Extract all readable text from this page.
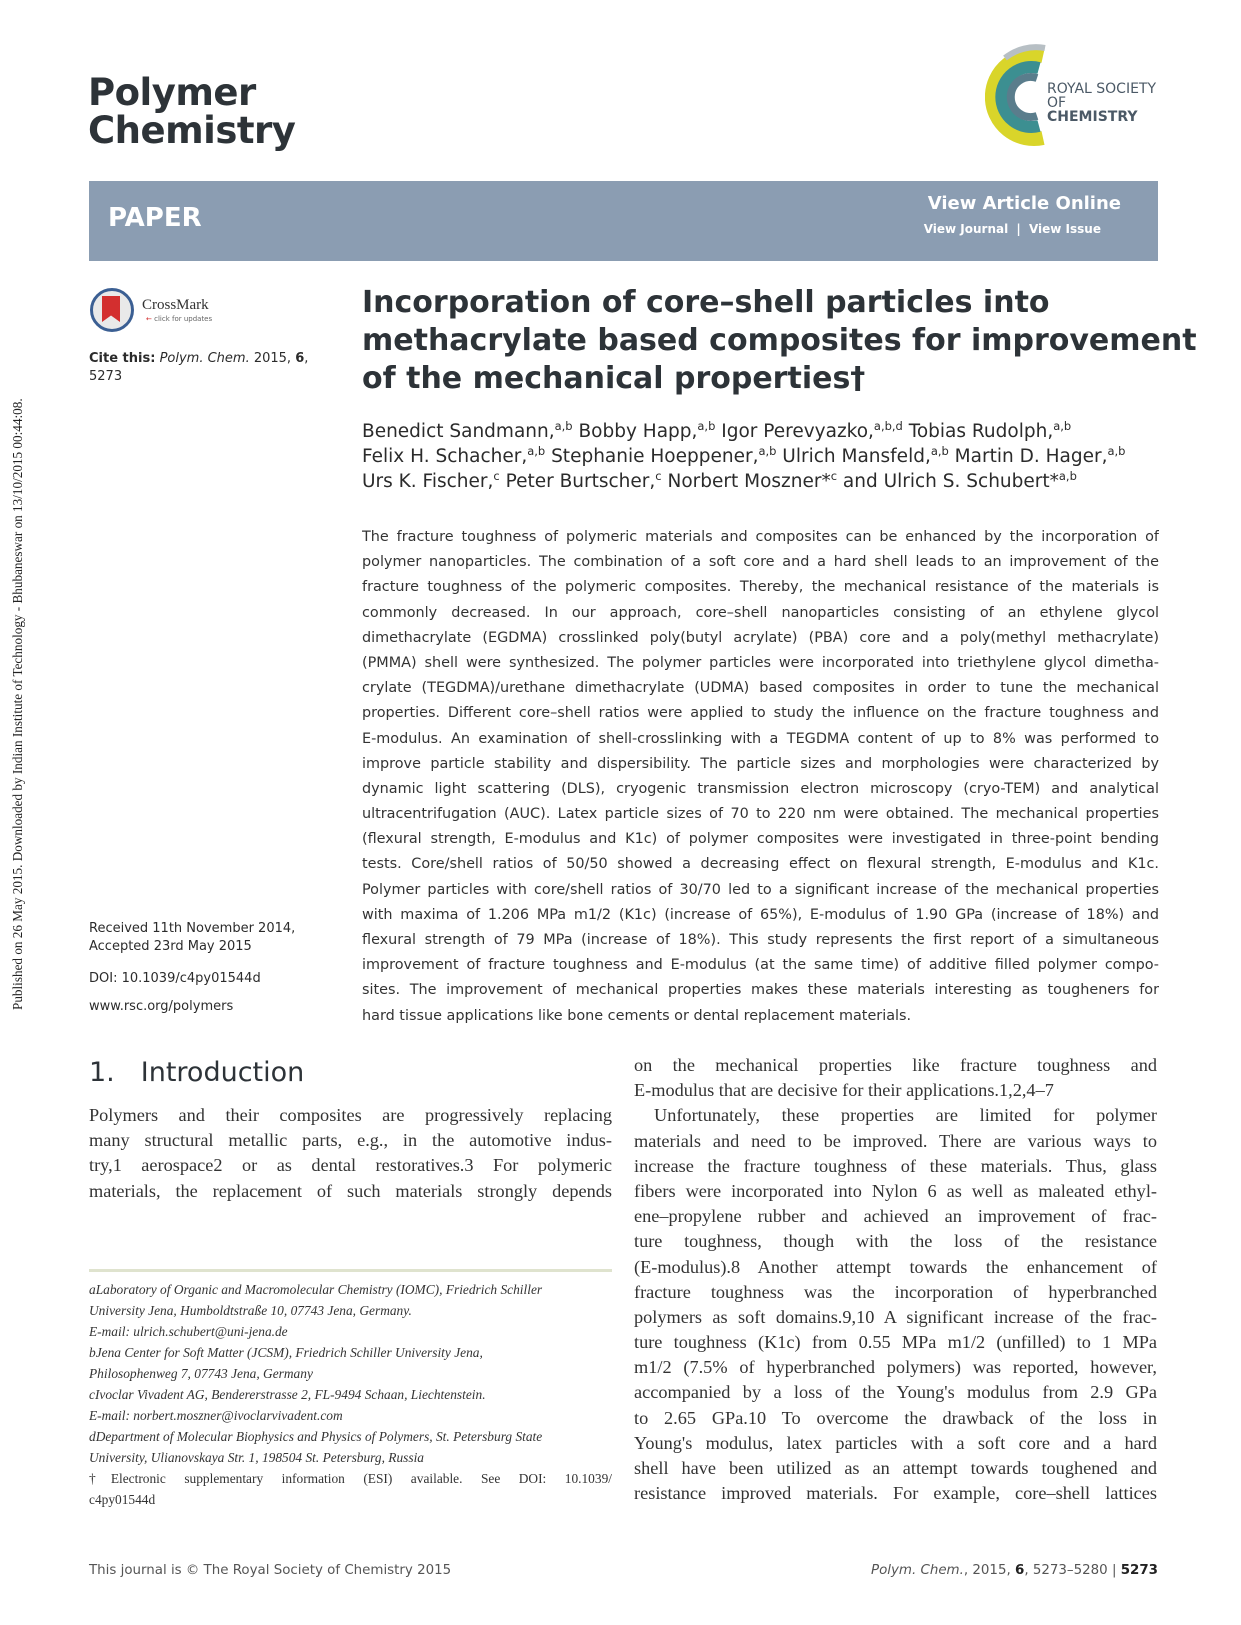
Published on 26 May 2015. Downloaded by Indian Institute of Technology - Bhubaneswar on 13/10/2015 00:44:08.
Polymer
Chemistry
ROYAL SOCIETY
OF CHEMISTRY
PAPER	View Article Online
View Journal | View Issue
CrossMark
← click for updates
Cite this: Polym. Chem. 2015, 6,
5273
Received 11th November 2014,
Accepted 23rd May 2015
DOI: 10.1039/c4py01544d
www.rsc.org/polymers
Incorporation of core–shell particles into
methacrylate based composites for improvement
of the mechanical properties†
Benedict Sandmann,$^{a,b}$ Bobby Happ,$^{a,b}$ Igor Perevyazko,$^{a,b,d}$ Tobias Rudolph,$^{a,b}$
Felix H. Schacher,$^{a,b}$ Stephanie Hoeppener,$^{a,b}$ Ulrich Mansfeld,$^{a,b}$ Martin D. Hager,$^{a,b}$
Urs K. Fischer,$^c$ Peter Burtscher,$^c$ Norbert Moszner*$^c$ and Ulrich S. Schubert*$^{a,b}$
The fracture toughness of polymeric materials and composites can be enhanced by the incorporation of
polymer nanoparticles. The combination of a soft core and a hard shell leads to an improvement of the
fracture toughness of the polymeric composites. Thereby, the mechanical resistance of the materials is
commonly decreased. In our approach, core–shell nanoparticles consisting of an ethylene glycol
dimethacrylate (EGDMA) crosslinked poly(butyl acrylate) (PBA) core and a poly(methyl methacrylate)
(PMMA) shell were synthesized. The polymer particles were incorporated into triethylene glycol dimetha-
crylate (TEGDMA)/urethane dimethacrylate (UDMA) based composites in order to tune the mechanical
properties. Different core–shell ratios were applied to study the influence on the fracture toughness and
E-modulus. An examination of shell-crosslinking with a TEGDMA content of up to 8% was performed to
improve particle stability and dispersibility. The particle sizes and morphologies were characterized by
dynamic light scattering (DLS), cryogenic transmission electron microscopy (cryo-TEM) and analytical
ultracentrifugation (AUC). Latex particle sizes of 70 to 220 nm were obtained. The mechanical properties
(flexural strength, E-modulus and K1c) of polymer composites were investigated in three-point bending
tests. Core/shell ratios of 50/50 showed a decreasing effect on flexural strength, E-modulus and K1c.
Polymer particles with core/shell ratios of 30/70 led to a significant increase of the mechanical properties
with maxima of 1.206 MPa m1/2 (K1c) (increase of 65%), E-modulus of 1.90 GPa (increase of 18%) and
flexural strength of 79 MPa (increase of 18%). This study represents the first report of a simultaneous
improvement of fracture toughness and E-modulus (at the same time) of additive filled polymer compo-
sites. The improvement of mechanical properties makes these materials interesting as tougheners for
hard tissue applications like bone cements or dental replacement materials.
1. Introduction
Polymers and their composites are progressively replacing
many structural metallic parts, e.g., in the automotive indus-
try,1 aerospace2 or as dental restoratives.3 For polymeric
materials, the replacement of such materials strongly depends
aLaboratory of Organic and Macromolecular Chemistry (IOMC), Friedrich Schiller
University Jena, Humboldtstraße 10, 07743 Jena, Germany.
E-mail: ulrich.schubert@uni-jena.de
bJena Center for Soft Matter (JCSM), Friedrich Schiller University Jena,
Philosophenweg 7, 07743 Jena, Germany
cIvoclar Vivadent AG, Bendererstrasse 2, FL-9494 Schaan, Liechtenstein.
E-mail: norbert.moszner@ivoclarvivadent.com
dDepartment of Molecular Biophysics and Physics of Polymers, St. Petersburg State
University, Ulianovskaya Str. 1, 198504 St. Petersburg, Russia
†Electronic supplementary information (ESI) available. See DOI: 10.1039/
c4py01544d
on the mechanical properties like fracture toughness and
E-modulus that are decisive for their applications.1,2,4–7
Unfortunately, these properties are limited for polymer
materials and need to be improved. There are various ways to
increase the fracture toughness of these materials. Thus, glass
fibers were incorporated into Nylon 6 as well as maleated ethyl-
ene–propylene rubber and achieved an improvement of frac-
ture toughness, though with the loss of the resistance
(E-modulus).8 Another attempt towards the enhancement of
fracture toughness was the incorporation of hyperbranched
polymers as soft domains.9,10 A significant increase of the frac-
ture toughness (K1c) from 0.55 MPa m1/2 (unfilled) to 1 MPa
m1/2 (7.5% of hyperbranched polymers) was reported, however,
accompanied by a loss of the Young's modulus from 2.9 GPa
to 2.65 GPa.10 To overcome the drawback of the loss in
Young's modulus, latex particles with a soft core and a hard
shell have been utilized as an attempt towards toughened and
resistance improved materials. For example, core–shell lattices
This journal is © The Royal Society of Chemistry 2015	Polym. Chem., 2015, 6, 5273–5280 | 5273
